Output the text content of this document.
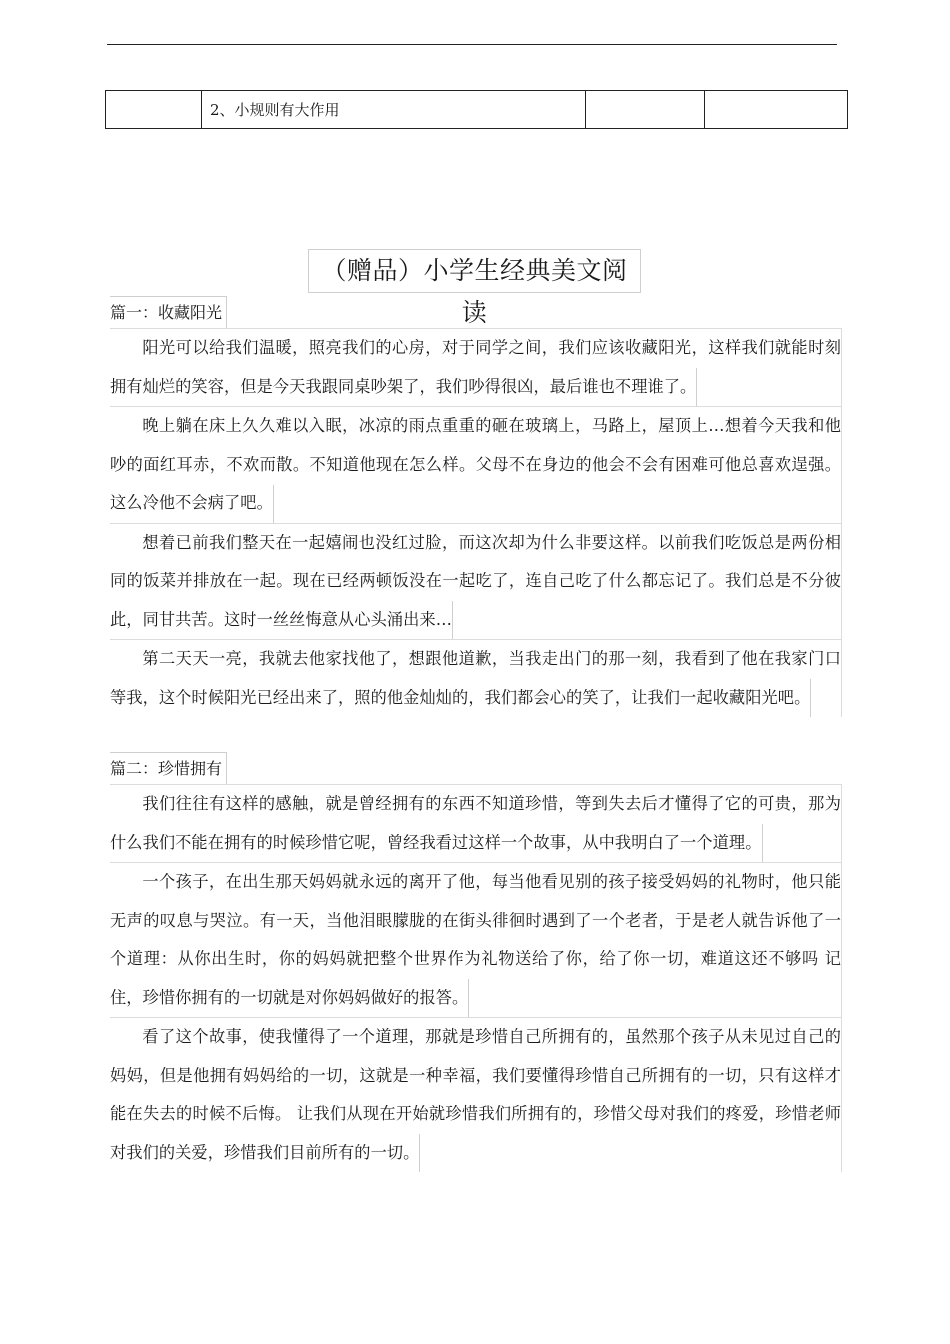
	2、小规则有大作用		
（赠品）小学生经典美文阅读
篇一：收藏阳光

阳光可以给我们温暖，照亮我们的心房，对于同学之间，我们应该收藏阳光，这样我们就能时刻拥有灿烂的笑容，但是今天我跟同桌吵架了，我们吵得很凶，最后谁也不理谁了。

晚上躺在床上久久难以入眠，冰凉的雨点重重的砸在玻璃上，马路上，屋顶上…想着今天我和他吵的面红耳赤，不欢而散。不知道他现在怎么样。父母不在身边的他会不会有困难可他总喜欢逞强。这么冷他不会病了吧。

想着已前我们整天在一起嬉闹也没红过脸，而这次却为什么非要这样。以前我们吃饭总是两份相同的饭菜并排放在一起。现在已经两顿饭没在一起吃了，连自己吃了什么都忘记了。我们总是不分彼此，同甘共苦。这时一丝丝悔意从心头涌出来…

第二天天一亮，我就去他家找他了，想跟他道歉，当我走出门的那一刻，我看到了他在我家门口等我，这个时候阳光已经出来了，照的他金灿灿的，我们都会心的笑了，让我们一起收藏阳光吧。

篇二：珍惜拥有

我们往往有这样的感触，就是曾经拥有的东西不知道珍惜，等到失去后才懂得了它的可贵，那为什么我们不能在拥有的时候珍惜它呢，曾经我看过这样一个故事，从中我明白了一个道理。

一个孩子，在出生那天妈妈就永远的离开了他，每当他看见别的孩子接受妈妈的礼物时，他只能无声的叹息与哭泣。有一天，当他泪眼朦胧的在街头徘徊时遇到了一个老者，于是老人就告诉他了一个道理：从你出生时，你的妈妈就把整个世界作为礼物送给了你，给了你一切，难道这还不够吗 记住，珍惜你拥有的一切就是对你妈妈做好的报答。

看了这个故事，使我懂得了一个道理，那就是珍惜自己所拥有的，虽然那个孩子从未见过自己的妈妈，但是他拥有妈妈给的一切，这就是一种幸福，我们要懂得珍惜自己所拥有的一切，只有这样才能在失去的时候不后悔。 让我们从现在开始就珍惜我们所拥有的，珍惜父母对我们的疼爱，珍惜老师对我们的关爱，珍惜我们目前所有的一切。
